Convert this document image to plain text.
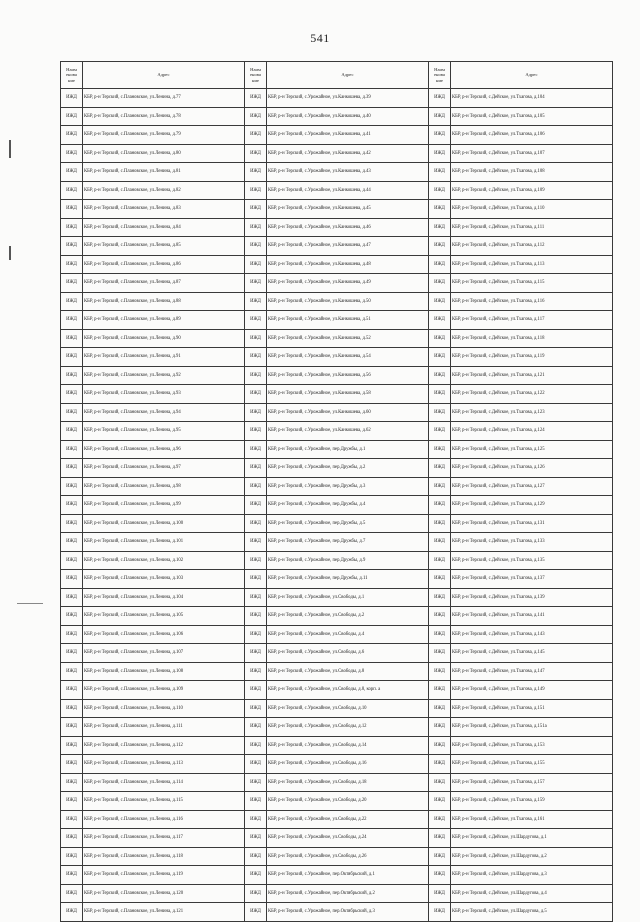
541
Наим енова ние	Адрес	Наим енова ние	Адрес	Наим енова ние	Адрес
ИЖД	КБР, р-н Терский, с.Плановское, ул.Ленина, д.77	ИЖД	КБР, р-н Терский, с.Урожайное, ул.Канкошева, д.39	ИЖД	КБР, р-н Терский, с.Дейское, ул.Тхагова, д.104
ИЖД	КБР, р-н Терский, с.Плановское, ул.Ленина, д.78	ИЖД	КБР, р-н Терский, с.Урожайное, ул.Канкошева, д.40	ИЖД	КБР, р-н Терский, с.Дейское, ул.Тхагова, д.105
ИЖД	КБР, р-н Терский, с.Плановское, ул.Ленина, д.79	ИЖД	КБР, р-н Терский, с.Урожайное, ул.Канкошева, д.41	ИЖД	КБР, р-н Терский, с.Дейское, ул.Тхагова, д.106
ИЖД	КБР, р-н Терский, с.Плановское, ул.Ленина, д.80	ИЖД	КБР, р-н Терский, с.Урожайное, ул.Канкошева, д.42	ИЖД	КБР, р-н Терский, с.Дейское, ул.Тхагова, д.107
ИЖД	КБР, р-н Терский, с.Плановское, ул.Ленина, д.81	ИЖД	КБР, р-н Терский, с.Урожайное, ул.Канкошева, д.43	ИЖД	КБР, р-н Терский, с.Дейское, ул.Тхагова, д.108
ИЖД	КБР, р-н Терский, с.Плановское, ул.Ленина, д.82	ИЖД	КБР, р-н Терский, с.Урожайное, ул.Канкошева, д.44	ИЖД	КБР, р-н Терский, с.Дейское, ул.Тхагова, д.109
ИЖД	КБР, р-н Терский, с.Плановское, ул.Ленина, д.83	ИЖД	КБР, р-н Терский, с.Урожайное, ул.Канкошева, д.45	ИЖД	КБР, р-н Терский, с.Дейское, ул.Тхагова, д.110
ИЖД	КБР, р-н Терский, с.Плановское, ул.Ленина, д.84	ИЖД	КБР, р-н Терский, с.Урожайное, ул.Канкошева, д.46	ИЖД	КБР, р-н Терский, с.Дейское, ул.Тхагова, д.111
ИЖД	КБР, р-н Терский, с.Плановское, ул.Ленина, д.85	ИЖД	КБР, р-н Терский, с.Урожайное, ул.Канкошева, д.47	ИЖД	КБР, р-н Терский, с.Дейское, ул.Тхагова, д.112
ИЖД	КБР, р-н Терский, с.Плановское, ул.Ленина, д.86	ИЖД	КБР, р-н Терский, с.Урожайное, ул.Канкошева, д.48	ИЖД	КБР, р-н Терский, с.Дейское, ул.Тхагова, д.113
ИЖД	КБР, р-н Терский, с.Плановское, ул.Ленина, д.87	ИЖД	КБР, р-н Терский, с.Урожайное, ул.Канкошева, д.49	ИЖД	КБР, р-н Терский, с.Дейское, ул.Тхагова, д.115
ИЖД	КБР, р-н Терский, с.Плановское, ул.Ленина, д.88	ИЖД	КБР, р-н Терский, с.Урожайное, ул.Канкошева, д.50	ИЖД	КБР, р-н Терский, с.Дейское, ул.Тхагова, д.116
ИЖД	КБР, р-н Терский, с.Плановское, ул.Ленина, д.89	ИЖД	КБР, р-н Терский, с.Урожайное, ул.Канкошева, д.51	ИЖД	КБР, р-н Терский, с.Дейское, ул.Тхагова, д.117
ИЖД	КБР, р-н Терский, с.Плановское, ул.Ленина, д.90	ИЖД	КБР, р-н Терский, с.Урожайное, ул.Канкошева, д.52	ИЖД	КБР, р-н Терский, с.Дейское, ул.Тхагова, д.118
ИЖД	КБР, р-н Терский, с.Плановское, ул.Ленина, д.91	ИЖД	КБР, р-н Терский, с.Урожайное, ул.Канкошева, д.54	ИЖД	КБР, р-н Терский, с.Дейское, ул.Тхагова, д.119
ИЖД	КБР, р-н Терский, с.Плановское, ул.Ленина, д.92	ИЖД	КБР, р-н Терский, с.Урожайное, ул.Канкошева, д.56	ИЖД	КБР, р-н Терский, с.Дейское, ул.Тхагова, д.121
ИЖД	КБР, р-н Терский, с.Плановское, ул.Ленина, д.93	ИЖД	КБР, р-н Терский, с.Урожайное, ул.Канкошева, д.58	ИЖД	КБР, р-н Терский, с.Дейское, ул.Тхагова, д.122
ИЖД	КБР, р-н Терский, с.Плановское, ул.Ленина, д.94	ИЖД	КБР, р-н Терский, с.Урожайное, ул.Канкошева, д.60	ИЖД	КБР, р-н Терский, с.Дейское, ул.Тхагова, д.123
ИЖД	КБР, р-н Терский, с.Плановское, ул.Ленина, д.95	ИЖД	КБР, р-н Терский, с.Урожайное, ул.Канкошева, д.62	ИЖД	КБР, р-н Терский, с.Дейское, ул.Тхагова, д.124
ИЖД	КБР, р-н Терский, с.Плановское, ул.Ленина, д.96	ИЖД	КБР, р-н Терский, с.Урожайное, пер.Дружбы, д.1	ИЖД	КБР, р-н Терский, с.Дейское, ул.Тхагова, д.125
ИЖД	КБР, р-н Терский, с.Плановское, ул.Ленина, д.97	ИЖД	КБР, р-н Терский, с.Урожайное, пер.Дружбы, д.2	ИЖД	КБР, р-н Терский, с.Дейское, ул.Тхагова, д.126
ИЖД	КБР, р-н Терский, с.Плановское, ул.Ленина, д.98	ИЖД	КБР, р-н Терский, с.Урожайное, пер.Дружбы, д.3	ИЖД	КБР, р-н Терский, с.Дейское, ул.Тхагова, д.127
ИЖД	КБР, р-н Терский, с.Плановское, ул.Ленина, д.99	ИЖД	КБР, р-н Терский, с.Урожайное, пер.Дружбы, д.4	ИЖД	КБР, р-н Терский, с.Дейское, ул.Тхагова, д.129
ИЖД	КБР, р-н Терский, с.Плановское, ул.Ленина, д.100	ИЖД	КБР, р-н Терский, с.Урожайное, пер.Дружбы, д.5	ИЖД	КБР, р-н Терский, с.Дейское, ул.Тхагова, д.131
ИЖД	КБР, р-н Терский, с.Плановское, ул.Ленина, д.101	ИЖД	КБР, р-н Терский, с.Урожайное, пер.Дружбы, д.7	ИЖД	КБР, р-н Терский, с.Дейское, ул.Тхагова, д.133
ИЖД	КБР, р-н Терский, с.Плановское, ул.Ленина, д.102	ИЖД	КБР, р-н Терский, с.Урожайное, пер.Дружбы, д.9	ИЖД	КБР, р-н Терский, с.Дейское, ул.Тхагова, д.135
ИЖД	КБР, р-н Терский, с.Плановское, ул.Ленина, д.103	ИЖД	КБР, р-н Терский, с.Урожайное, пер.Дружбы, д.11	ИЖД	КБР, р-н Терский, с.Дейское, ул.Тхагова, д.137
ИЖД	КБР, р-н Терский, с.Плановское, ул.Ленина, д.104	ИЖД	КБР, р-н Терский, с.Урожайное, ул.Свободы, д.1	ИЖД	КБР, р-н Терский, с.Дейское, ул.Тхагова, д.139
ИЖД	КБР, р-н Терский, с.Плановское, ул.Ленина, д.105	ИЖД	КБР, р-н Терский, с.Урожайное, ул.Свободы, д.2	ИЖД	КБР, р-н Терский, с.Дейское, ул.Тхагова, д.141
ИЖД	КБР, р-н Терский, с.Плановское, ул.Ленина, д.106	ИЖД	КБР, р-н Терский, с.Урожайное, ул.Свободы, д.4	ИЖД	КБР, р-н Терский, с.Дейское, ул.Тхагова, д.143
ИЖД	КБР, р-н Терский, с.Плановское, ул.Ленина, д.107	ИЖД	КБР, р-н Терский, с.Урожайное, ул.Свободы, д.6	ИЖД	КБР, р-н Терский, с.Дейское, ул.Тхагова, д.145
ИЖД	КБР, р-н Терский, с.Плановское, ул.Ленина, д.108	ИЖД	КБР, р-н Терский, с.Урожайное, ул.Свободы, д.8	ИЖД	КБР, р-н Терский, с.Дейское, ул.Тхагова, д.147
ИЖД	КБР, р-н Терский, с.Плановское, ул.Ленина, д.109	ИЖД	КБР, р-н Терский, с.Урожайное, ул.Свободы, д.8, корп. а	ИЖД	КБР, р-н Терский, с.Дейское, ул.Тхагова, д.149
ИЖД	КБР, р-н Терский, с.Плановское, ул.Ленина, д.110	ИЖД	КБР, р-н Терский, с.Урожайное, ул.Свободы, д.10	ИЖД	КБР, р-н Терский, с.Дейское, ул.Тхагова, д.151
ИЖД	КБР, р-н Терский, с.Плановское, ул.Ленина, д.111	ИЖД	КБР, р-н Терский, с.Урожайное, ул.Свободы, д.12	ИЖД	КБР, р-н Терский, с.Дейское, ул.Тхагова, д.151а
ИЖД	КБР, р-н Терский, с.Плановское, ул.Ленина, д.112	ИЖД	КБР, р-н Терский, с.Урожайное, ул.Свободы, д.14	ИЖД	КБР, р-н Терский, с.Дейское, ул.Тхагова, д.153
ИЖД	КБР, р-н Терский, с.Плановское, ул.Ленина, д.113	ИЖД	КБР, р-н Терский, с.Урожайное, ул.Свободы, д.16	ИЖД	КБР, р-н Терский, с.Дейское, ул.Тхагова, д.155
ИЖД	КБР, р-н Терский, с.Плановское, ул.Ленина, д.114	ИЖД	КБР, р-н Терский, с.Урожайное, ул.Свободы, д.18	ИЖД	КБР, р-н Терский, с.Дейское, ул.Тхагова, д.157
ИЖД	КБР, р-н Терский, с.Плановское, ул.Ленина, д.115	ИЖД	КБР, р-н Терский, с.Урожайное, ул.Свободы, д.20	ИЖД	КБР, р-н Терский, с.Дейское, ул.Тхагова, д.159
ИЖД	КБР, р-н Терский, с.Плановское, ул.Ленина, д.116	ИЖД	КБР, р-н Терский, с.Урожайное, ул.Свободы, д.22	ИЖД	КБР, р-н Терский, с.Дейское, ул.Тхагова, д.161
ИЖД	КБР, р-н Терский, с.Плановское, ул.Ленина, д.117	ИЖД	КБР, р-н Терский, с.Урожайное, ул.Свободы, д.24	ИЖД	КБР, р-н Терский, с.Дейское, ул.Шардугова, д.1
ИЖД	КБР, р-н Терский, с.Плановское, ул.Ленина, д.118	ИЖД	КБР, р-н Терский, с.Урожайное, ул.Свободы, д.26	ИЖД	КБР, р-н Терский, с.Дейское, ул.Шардугова, д.2
ИЖД	КБР, р-н Терский, с.Плановское, ул.Ленина, д.119	ИЖД	КБР, р-н Терский, с.Урожайное, пер.Октябрьский, д.1	ИЖД	КБР, р-н Терский, с.Дейское, ул.Шардугова, д.3
ИЖД	КБР, р-н Терский, с.Плановское, ул.Ленина, д.120	ИЖД	КБР, р-н Терский, с.Урожайное, пер.Октябрьский, д.2	ИЖД	КБР, р-н Терский, с.Дейское, ул.Шардугова, д.4
ИЖД	КБР, р-н Терский, с.Плановское, ул.Ленина, д.121	ИЖД	КБР, р-н Терский, с.Урожайное, пер.Октябрьский, д.3	ИЖД	КБР, р-н Терский, с.Дейское, ул.Шардугова, д.5
